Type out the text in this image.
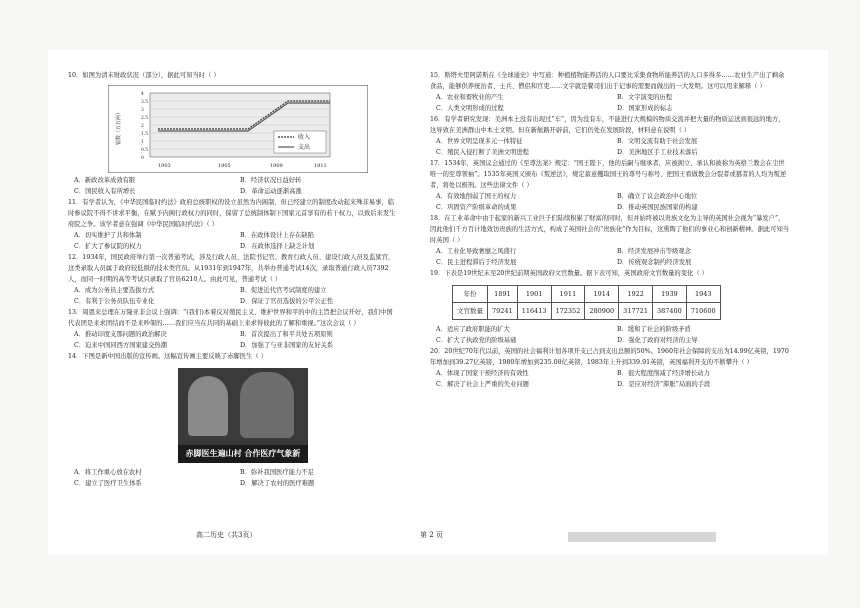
10．如图为清末财政状况（部分），据此可知当时（ ）
收入
支出
银数（万万两）
0
0.5
1
1.5
2
2.5
3
3.5
4
1903	1905	1909	1911
A．新政改革成效有限	B．经济状况日益好转
C．国民收入有所增长	D．革命运动逐渐高涨
11．有学者认为，《中华民国临时约法》政府总统职权的设立虽然为内阁制，但已经建立的制度改动起来殊非易事，临时参议院不得不讲求平衡，在赋予内阁行政权力的同时，保留了总统制体制下国家元首享有的若干权力，以致后来发生府院之争。该学者意在强调《中华民国临时约法》（ ）
A．切实维护了共和体制	B．在政体设计上存在缺陷
C．扩大了参议院的权力	D．在政体选择上缺乏计划
12．1934年，国民政府举行第一次普通考试，涉及行政人员、法院书记官、教育行政人员、建设行政人员及监狱官，这类录取人员属于政府较低级的技术类官员。从1931年到1947年，共举办普通考试14次，录取普通行政人员7392人，而同一时期的高等考试只录取了官员6210人。由此可见，普通考试（ ）
A．成为公务员主要选拔方式	B．促进近代官考试制度的建立
C．有利于公务员队伍专业化	D．保证了官员选拔的公平公正性
13．周恩来总理在万隆亚非会议上强调：“(我们)本着反对殖民主义、维护世界和平的中的主旨把会议开好，我们中国代表团是来求团结而不是来吵架的……我们应当在共同的基础上来求得彼此的了解和重视。”这次会议（ ）
A．推动印度支那问题的政治解决	B．首次提出了和平共处五项原则
C．迫来中国同西方国家建交热潮	D．加强了与亚非国家的友好关系
14．下图是新中国出版的宣传画。这幅宣传画主要反映了赤脚医生（ ）
赤脚医生遍山村 合作医疗气象新
A．将工作重心放在农村	B．弥补我国医疗能力不足
C．建立了医疗卫生体系	D．解决了农村的医疗难题
15．斯塔夫里阿诺斯在《全球通史》中写道：种植植物能养活的人口要比采集食物所能养活的人口多得多……农业生产出了剩余食品，能够供养统治者、士兵、僧侣和官吏……文字就是餐司们出于记事的需要而做出的一大发明。这可以用来解释（ ）
A．农业和畜牧业的产生	B．文字演变的历程
C．人类文明形成的过程	D．国家形成的标志
16．有学者研究发现：美洲本土没有出现过“车”，因为没有车，不能进行大规模的物质交流并把大量的物质运送到很远的地方，这导致在美洲群山中本土文明。但在新航路开辟前，它们仍处在发展阶段，材料意在说明（ ）
A．世界文明呈现多元一体特征	B．文明交流有助于社会发展
C．殖民入侵打断了美洲文明进程	D．美洲地区手工业技术落后
17．1534年，英国议会通过的《至尊法案》规定：“国王陛下，他的后嗣与继承者，应被拥立、承认和被称为英格兰教会在尘世唯一的至尊领袖”。1535年英国又颁布《叛逆法》，规定蓄意攫取国王的尊号与称号、把国王看做教会分裂者或篡者的人均为叛逆者，将处以极刑。这些法律文件（ ）
A．有效地削弱了国王的权力	B．确立了议会政治中心地位
C．巩固资产阶级革命的成果	D．推动英国民族国家的构建
18．在工业革命中由于起家的新兴工业巨子们陆续积累了财富的同时，但并始终被以贵族文化为主导的英国社会视为“暴发户”，因此他们千方百计地效仿贵族的生活方式，构成了英国社会的“贵族化”作为目标，这熏陶了他们的事业心和创新精神。据此可知当时英国（ ）
A．工业化导致奢靡之风盛行	B．经济发展冲击等级观念
C．民主进程滞后于经济发展	D．传统观念制约经济发展
19．下表是19世纪末至20世纪前期英国政府文官数量。据下表可知，英国政府文官数量的变化（ ）
年份	1891	1901	1911	1914	1922	1939	1943
文官数量	79241	116413	172352	280900	317721	387400	710600
A．适应了政府职能的扩大	B．缓和了社会的阶级矛盾
C．扩大了执政党的阶级基础	D．强化了政府对经济的主导
20．20世纪70年代以前，英国的社会福利计划各项开支已占到支出总额的50%。1960年社会保障的支出为14.99亿英镑，1970年增加到39.27亿英镑，1980年增加到235.08亿英镑，1983年上升到339.91英镑，英国福利开支的不断攀升（ ）
A．体现了国家干预经济的有效性	B．很大程度削减了经济增长动力
C．解决了社会上严重的失业问题	D．是应对经济“滞胀”局面的手段
高二历史（共3页）	第 2 页
